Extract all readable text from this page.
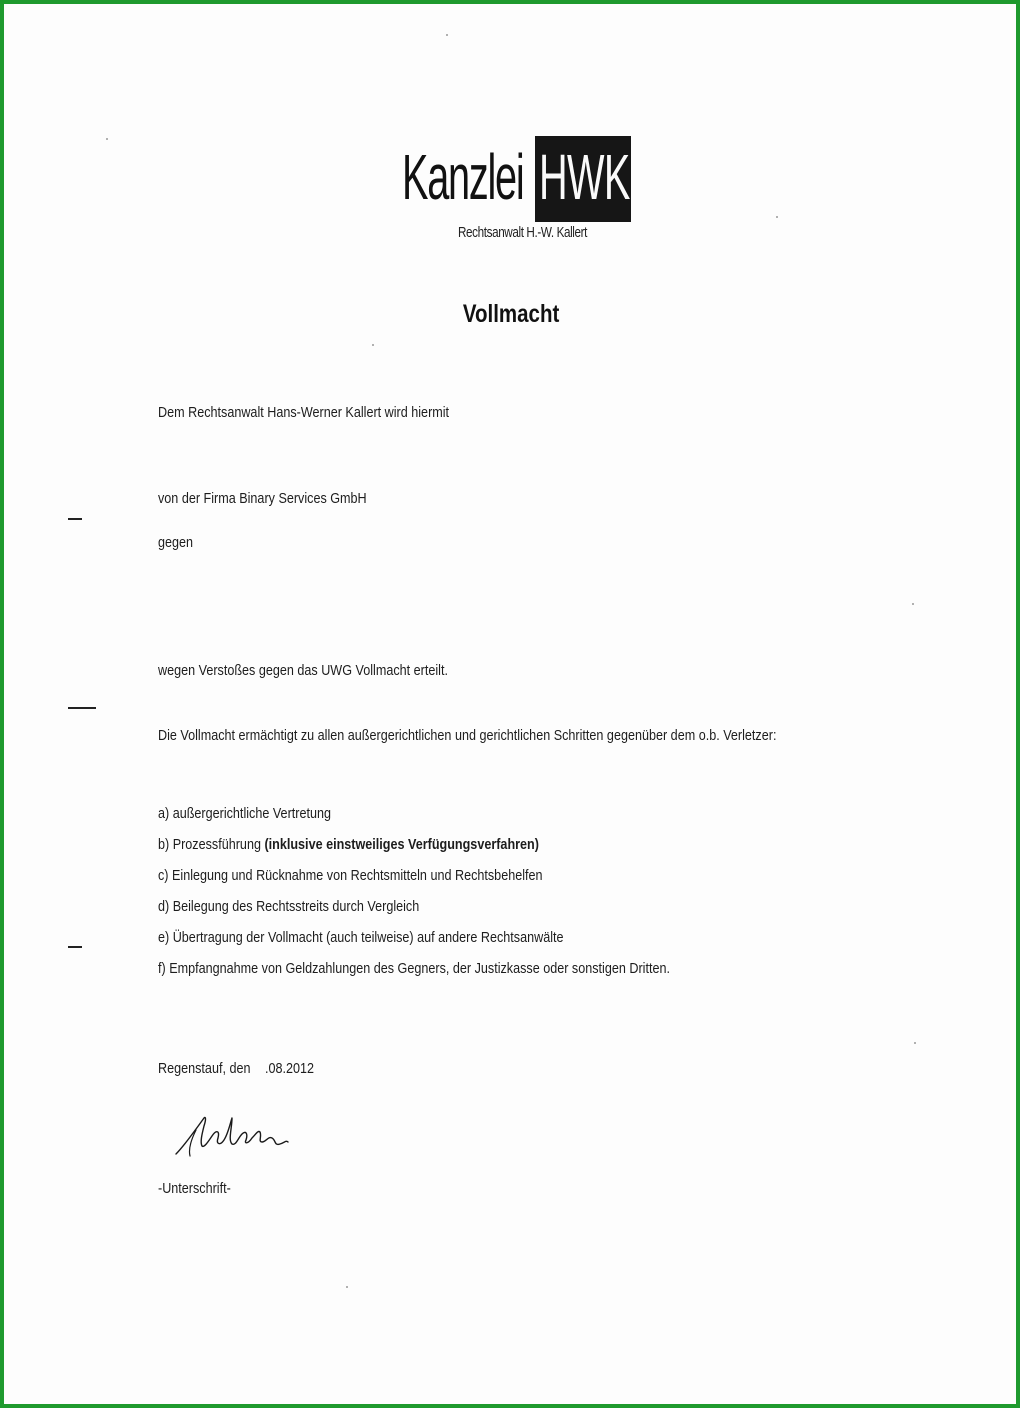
Kanzlei HWK
Rechtsanwalt H.-W. Kallert
Vollmacht
Dem Rechtsanwalt Hans-Werner Kallert wird hiermit
von der Firma Binary Services GmbH
gegen
wegen Verstoßes gegen das UWG Vollmacht erteilt.
Die Vollmacht ermächtigt zu allen außergerichtlichen und gerichtlichen Schritten gegenüber dem o.b. Verletzer:
a) außergerichtliche Vertretung
b) Prozessführung (inklusive einstweiliges Verfügungsverfahren)
c) Einlegung und Rücknahme von Rechtsmitteln und Rechtsbehelfen
d) Beilegung des Rechtsstreits durch Vergleich
e) Übertragung der Vollmacht (auch teilweise) auf andere Rechtsanwälte
f) Empfangnahme von Geldzahlungen des Gegners, der Justizkasse oder sonstigen Dritten.
Regenstauf, den .08.2012
-Unterschrift-
